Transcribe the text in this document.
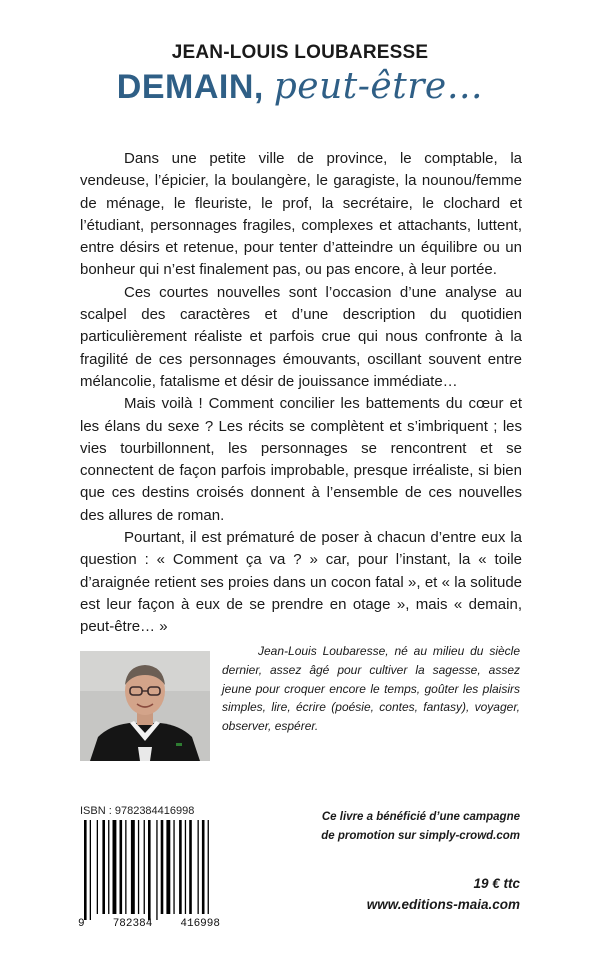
JEAN-LOUIS LOUBARESSE
DEMAIN, peut-être…

Dans une petite ville de province, le comptable, la vendeuse, l’épicier, la boulangère, le garagiste, la nounou/femme de ménage, le fleuriste, le prof, la secrétaire, le clochard et l’étudiant, personnages fragiles, complexes et attachants, luttent, entre désirs et retenue, pour tenter d’atteindre un équilibre ou un bonheur qui n’est finalement pas, ou pas encore, à leur portée.

Ces courtes nouvelles sont l’occasion d’une analyse au scalpel des caractères et d’une description du quotidien particulièrement réaliste et parfois crue qui nous confronte à la fragilité de ces personnages émouvants, oscillant souvent entre mélancolie, fatalisme et désir de jouissance immédiate…

Mais voilà ! Comment concilier les battements du cœur et les élans du sexe ? Les récits se complètent et s’imbriquent ; les vies tourbillonnent, les personnages se rencontrent et se connectent de façon parfois improbable, presque irréaliste, si bien que ces destins croisés donnent à l’ensemble de ces nouvelles des allures de roman.

Pourtant, il est prématuré de poser à chacun d’entre eux la question : « Comment ça va ? » car, pour l’instant, la « toile d’araignée retient ses proies dans un cocon fatal », et « la solitude est leur façon à eux de se prendre en otage », mais « demain, peut-être… »

Jean-Louis Loubaresse, né au milieu du siècle dernier, assez âgé pour cultiver la sagesse, assez jeune pour croquer encore le temps, goûter les plaisirs simples, lire, écrire (poésie, contes, fantasy), voyager, observer, espérer.

ISBN : 9782384416998
9	782384	416998
Ce livre a bénéficié d’une campagne
de promotion sur simply-crowd.com
19 € ttc
www.editions-maia.com
